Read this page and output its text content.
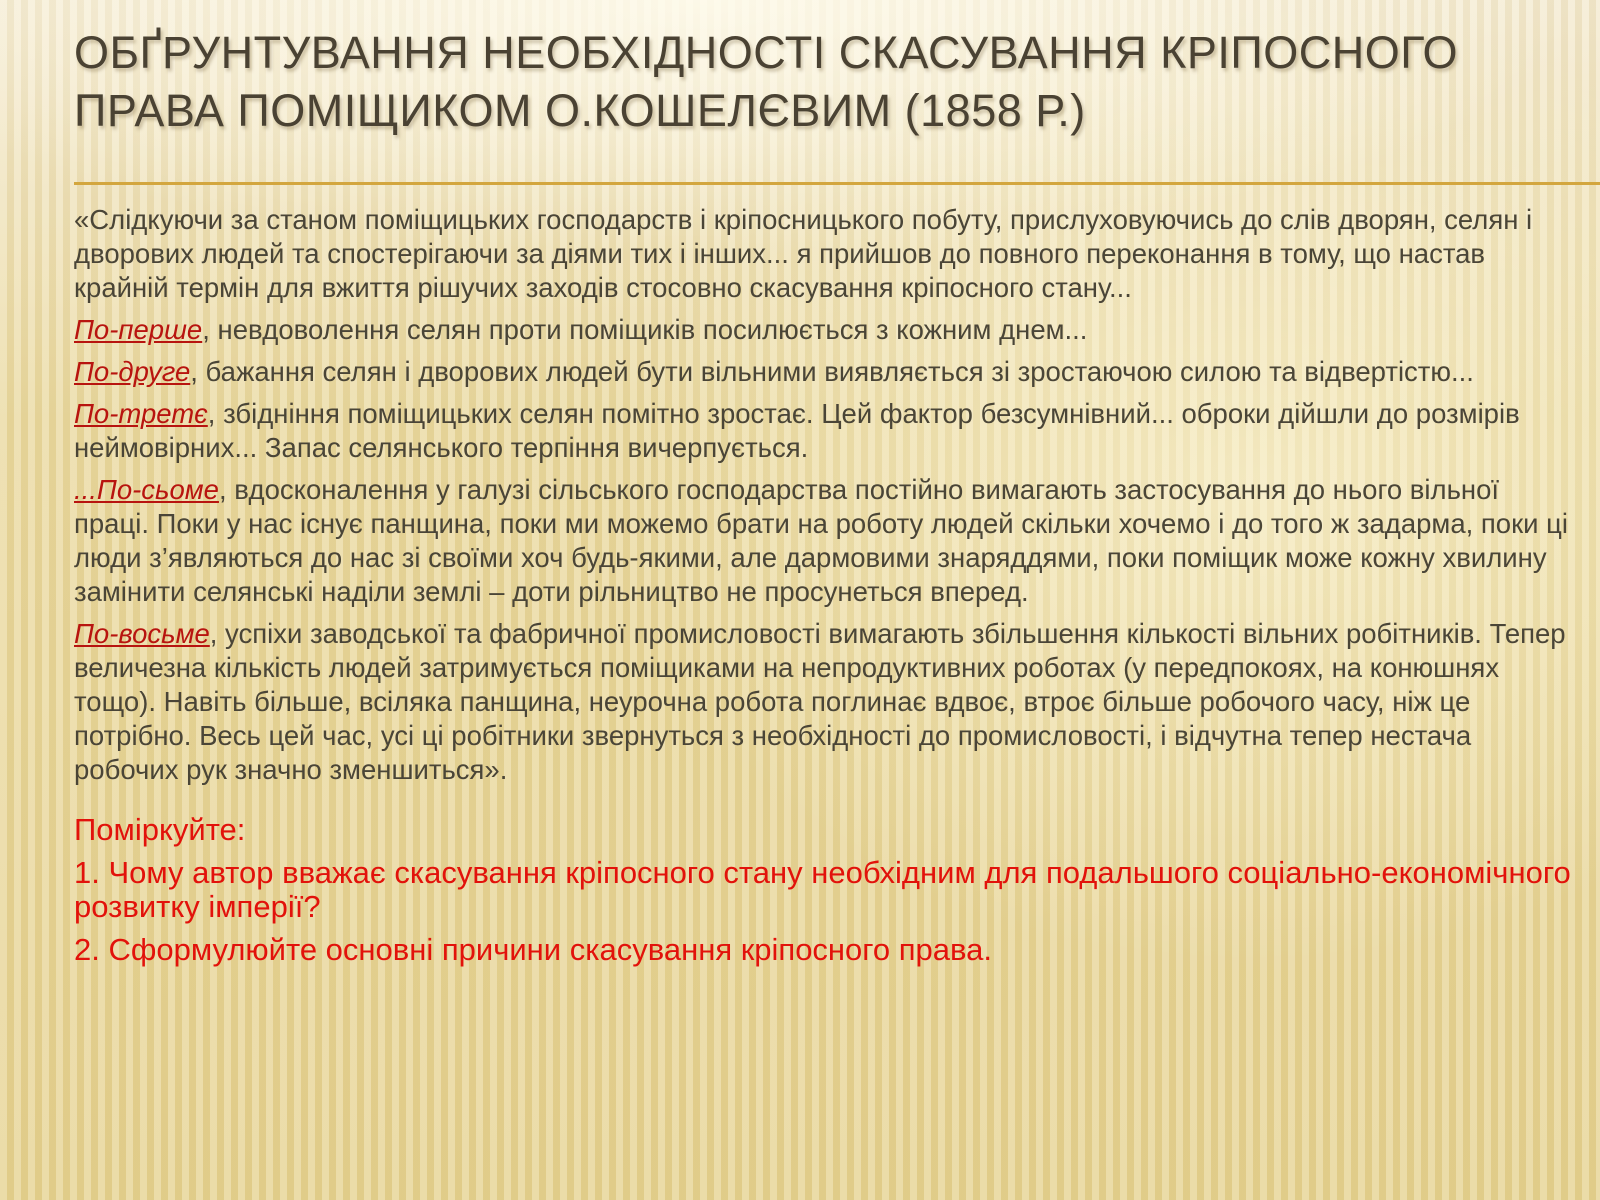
ОБҐРУНТУВАННЯ НЕОБХІДНОСТІ СКАСУВАННЯ КРІПОСНОГО ПРАВА ПОМІЩИКОМ О.КОШЕЛЄВИМ (1858 Р.)

«Слідкуючи за станом поміщицьких господарств і кріпосницького побуту, прислуховуючись до слів дворян, селян і дворових людей та спостерігаючи за діями тих і інших... я прийшов до повного переконання в тому, що настав крайній термін для вжиття рішучих заходів стосовно скасування кріпосного стану...

По-перше, невдоволення селян проти поміщиків посилюється з кожним днем...

По-друге, бажання селян і дворових людей бути вільними виявляється зі зростаючою силою та відвертістю...

По-третє, збідніння поміщицьких селян помітно зростає. Цей фактор безсумнівний... оброки дійшли до розмірів неймовірних... Запас селянського терпіння вичерпується.

...По-сьоме, вдосконалення у галузі сільського господарства постійно вимагають застосування до нього вільної праці. Поки у нас існує панщина, поки ми можемо брати на роботу людей скільки хочемо і до того ж задарма, поки ці люди з’являються до нас зі своїми хоч будь-якими, але дармовими знаряддями, поки поміщик може кожну хвилину замінити селянські наділи землі – доти рільництво не просунеться вперед.

По-восьме, успіхи заводської та фабричної промисловості вимагають збільшення кількості вільних робітників. Тепер величезна кількість людей затримується поміщиками на непродуктивних роботах (у передпокоях, на конюшнях тощо). Навіть більше, всіляка панщина, неурочна робота поглинає вдвоє, втроє більше робочого часу, ніж це потрібно. Весь цей час, усі ці робітники звернуться з необхідності до промисловості, і відчутна тепер нестача робочих рук значно зменшиться».

Поміркуйте:

1. Чому автор вважає скасування кріпосного стану необхідним для подальшого соціально-економічного розвитку імперії?

2. Сформулюйте основні причини скасування кріпосного права.
